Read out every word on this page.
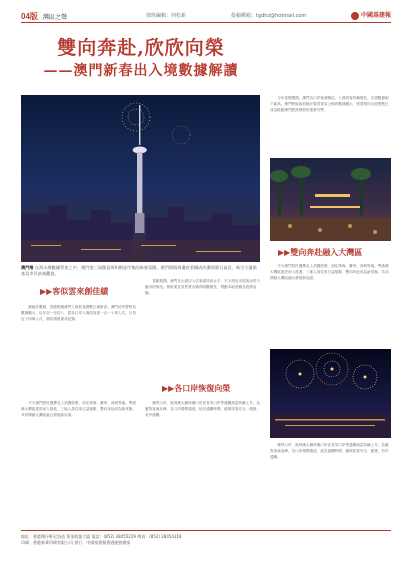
04版 灣區之聲	值班編輯：何松新	投稿郵箱：tgdhz@hotmail.com	中國基建報
雙向奔赴,欣欣向榮
——澳門新春出入境數據解讀

今年春節期間，澳門各口岸客流暢旺，入境旅客持續增長，各項數據創下新高。澳門特區政府統計暨普查局公佈的數據顯示，旅遊業的全面復甦已成為推動澳門經濟發展的重要引擎。

澳門塔 在海水灣數據背景之中，澳門第三屆創意周和創意市集的新春氛圍，澳門塔與周邊夜景構成的濃厚節日氣息，吸引大量旅客及市民前來觀賞。
▶▶客似雲來創佳績

據統計數據，春節假期澳門入境旅客總數已創新高。澳門治安警察局數據顯示，自年初一至初八，經各口岸入境旅客達一百一十萬人次，日均近十四萬人次，創疫情後最高紀錄。

春節期間，澳門各大酒店入住率維持高水平，不少酒店出現客房供不應求的情況。餐飲業及零售業亦錄得明顯增長，帶動本地消費及經濟活動。

▶▶各口岸恢復向榮

橫琴口岸、港珠澳大橋珠澳口岸及青茂口岸等通關流量持續上升。為應對客流高峰，各口岸增開通道，延長通關時間，確保旅客安全、便捷、有序通關。

不少澳門居民選擇北上消費度假，前往珠海、廣州、深圳等地。粵港澳大灣區建設深入推進，三地人員往來日益頻繁，雙向奔赴成為新常態，共同開創大灣區融合發展新局面。

▶▶雙向奔赴融入大灣區

不少澳門居民選擇北上消費度假，前往珠海、廣州、深圳等地。粵港澳大灣區建設深入推進，三地人員往來日益頻繁，雙向奔赴成為新常態，共同開創大灣區融合發展新局面。

橫琴口岸、港珠澳大橋珠澳口岸及青茂口岸等通關流量持續上升。為應對客流高峰，各口岸增開通道，延長通關時間，確保旅客安全、便捷、有序通關。

地址：香港灣仔軒尼詩道 黃金商業大廈 電話：(852) 28455229 傳真：(852) 28454318
印刷：香港新華印刷有限公司 發行：中國基建報香港運營總部
